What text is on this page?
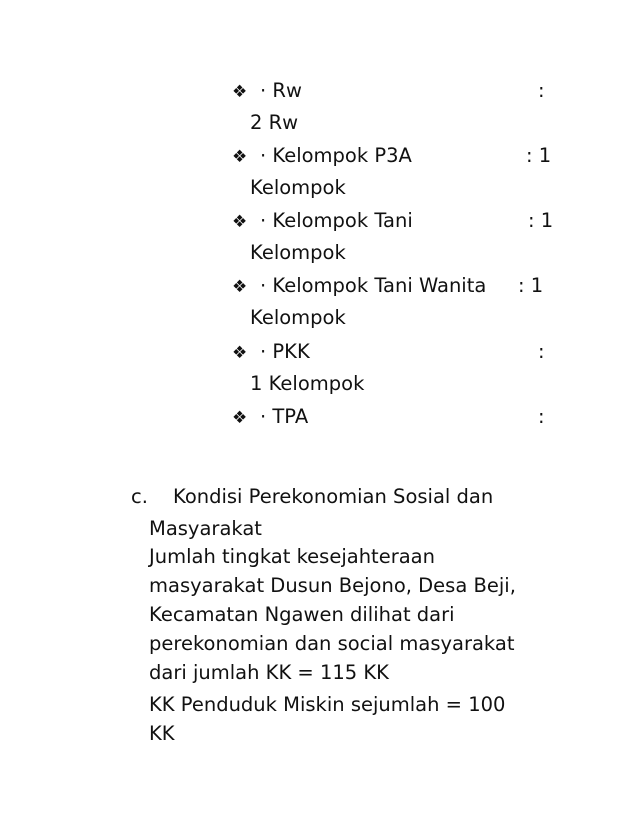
❖ · Rw	:
2 Rw
❖ · Kelompok P3A	: 1
Kelompok
❖ · Kelompok Tani	: 1
Kelompok
❖ · Kelompok Tani Wanita : 1
Kelompok
❖ · PKK	:
1 Kelompok
❖ · TPA	:
c. Kondisi Perekonomian Sosial dan
Masyarakat
Jumlah tingkat kesejahteraan
masyarakat Dusun Bejono, Desa Beji,
Kecamatan Ngawen dilihat dari
perekonomian dan social masyarakat
dari jumlah KK = 115 KK
KK Penduduk Miskin sejumlah = 100
KK
